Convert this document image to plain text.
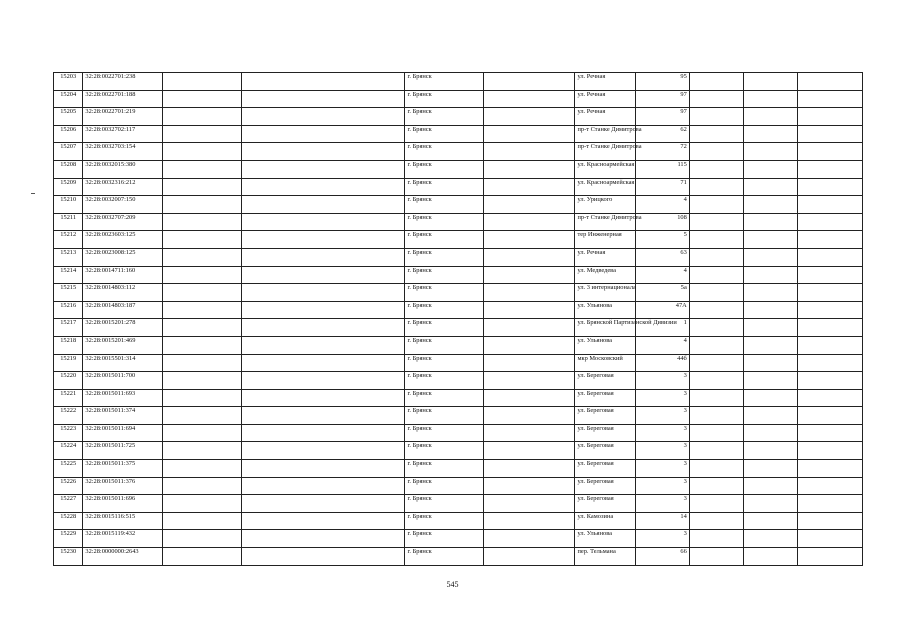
15203	32:28:0022701:238			г. Брянск		ул. Речная	95			
15204	32:28:0022701:188			г. Брянск		ул. Речная	97			
15205	32:28:0022701:219			г. Брянск		ул. Речная	97			
15206	32:28:0032702:117			г. Брянск		пр-т Станке Димитрова	62			
15207	32:28:0032703:154			г. Брянск		пр-т Станке Димитрова	72			
15208	32:28:0032015:380			г. Брянск		ул. Красноармейская	115			
15209	32:28:0032316:212			г. Брянск		ул. Красноармейская	71			
15210	32:28:0032007:150			г. Брянск		ул. Урицкого	4			
15211	32:28:0032707:209			г. Брянск		пр-т Станке Димитрова	108			
15212	32:28:0023603:125			г. Брянск		тер Инженерная	5			
15213	32:28:0023008:125			г. Брянск		ул. Речная	63			
15214	32:28:0014711:160			г. Брянск		ул. Медведева	4			
15215	32:28:0014803:112			г. Брянск		ул. 3 интернационала	5а			
15216	32:28:0014803:187			г. Брянск		ул. Ульянова	47А			
15217	32:28:0015201:278			г. Брянск		ул. Брянской Партизанской Дивизии	1			
15218	32:28:0015201:469			г. Брянск		ул. Ульянова	4			
15219	32:28:0015501:314			г. Брянск		мкр Московский	44б			
15220	32:28:0015011:700			г. Брянск		ул. Береговая	3			
15221	32:28:0015011:693			г. Брянск		ул. Береговая	3			
15222	32:28:0015011:374			г. Брянск		ул. Береговая	3			
15223	32:28:0015011:694			г. Брянск		ул. Береговая	3			
15224	32:28:0015011:725			г. Брянск		ул. Береговая	3			
15225	32:28:0015011:375			г. Брянск		ул. Береговая	3			
15226	32:28:0015011:376			г. Брянск		ул. Береговая	3			
15227	32:28:0015011:696			г. Брянск		ул. Береговая	3			
15228	32:28:0015116:515			г. Брянск		ул. Камозина	14			
15229	32:28:0015119:432			г. Брянск		ул. Ульянова	3			
15230	32:28:0000000:2643			г. Брянск		пер. Тельмана	66			
545
